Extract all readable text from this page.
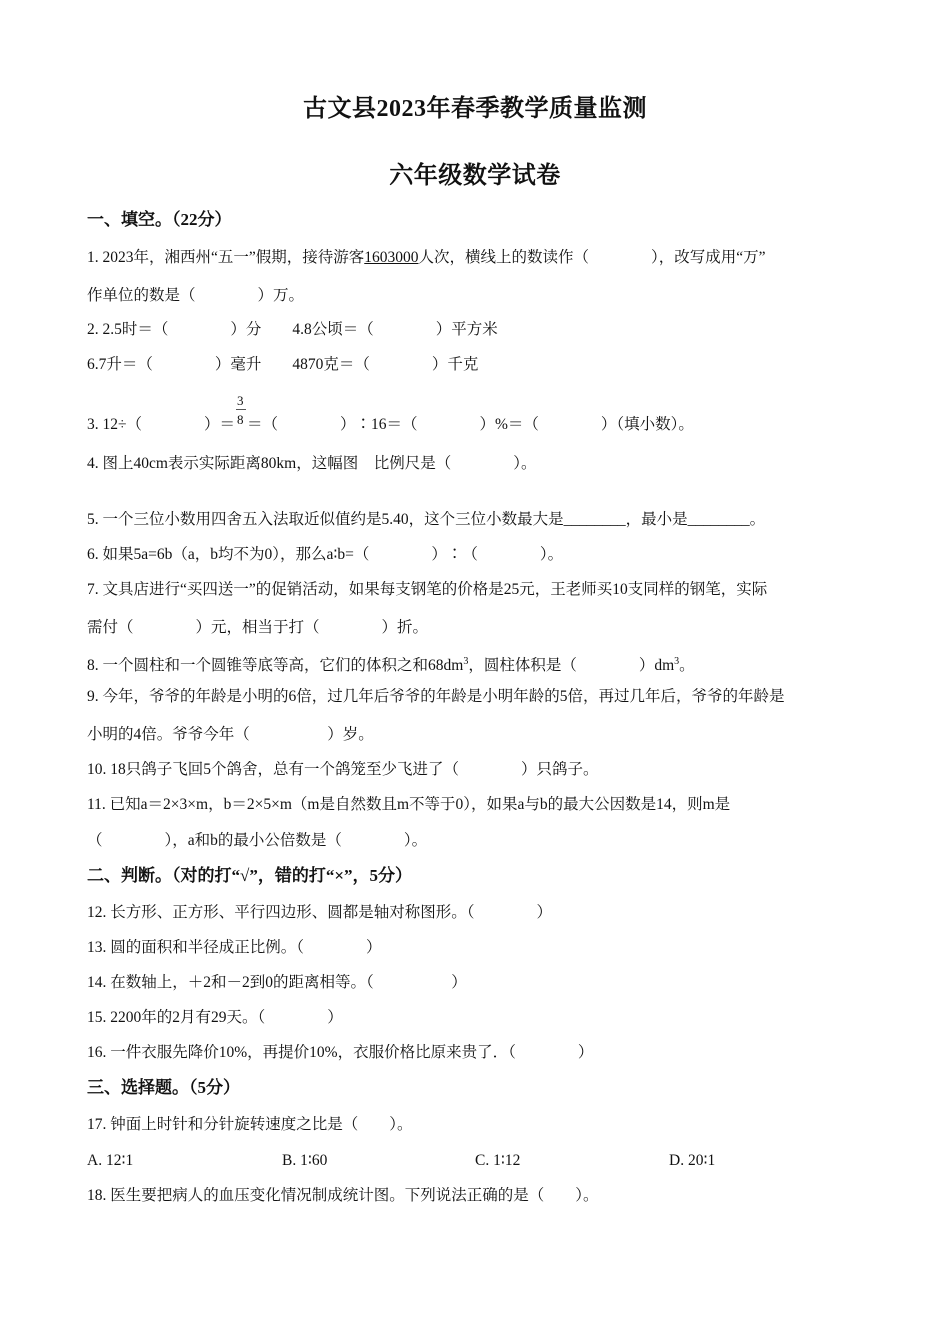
古文县2023年春季教学质量监测
六年级数学试卷
一、填空。（22分）
1. 2023年，湘西州“五一”假期，接待游客1603000人次，横线上的数读作（　　　　），改写成用“万”
作单位的数是（　　　　）万。
2. 2.5时＝（　　　　）分　　4.8公顷＝（　　　　）平方米
6.7升＝（　　　　）毫升　　4870克＝（　　　　）千克
3. 12÷（　　　　）＝ $\frac{3}{8}$ ＝（　　　　）∶16＝（　　　　）%＝（　　　　）（填小数）。
4. 图上40cm表示实际距离80km，这幅图　比例尺是（　　　　）。
5. 一个三位小数用四舍五入法取近似值约是5.40，这个三位小数最大是________，最小是________。
6. 如果5a=6b（a，b均不为0），那么a∶b=（　　　　）∶（　　　　）。
7. 文具店进行“买四送一”的促销活动，如果每支钢笔的价格是25元，王老师买10支同样的钢笔，实际
需付（　　　　）元，相当于打（　　　　）折。
8. 一个圆柱和一个圆锥等底等高，它们的体积之和$68dm^3$，圆柱体积是（　　　　）$dm^3$。
9. 今年，爷爷的年龄是小明的6倍，过几年后爷爷的年龄是小明年龄的5倍，再过几年后，爷爷的年龄是
小明的4倍。爷爷今年（　　　　　）岁。
10. 18只鸽子飞回5个鸽舍，总有一个鸽笼至少飞进了（　　　　）只鸽子。
11. 已知a＝2×3×m，b＝2×5×m（m是自然数且m不等于0），如果a与b的最大公因数是14，则m是
（　　　　），a和b的最小公倍数是（　　　　）。
二、判断。（对的打“√”，错的打“×”，5分）
12. 长方形、正方形、平行四边形、圆都是轴对称图形。（　　　　）
13. 圆的面积和半径成正比例。（　　　　）
14. 在数轴上，＋2和－2到0的距离相等。（　　　　　）
15. 2200年的2月有29天。（　　　　）
16. 一件衣服先降价10%，再提价10%，衣服价格比原来贵了．（　　　　）
三、选择题。（5分）
17. 钟面上时针和分针旋转速度之比是（　　）。
A. 12∶1	B. 1∶60	C. 1∶12	D. 20∶1
18. 医生要把病人的血压变化情况制成统计图。下列说法正确的是（　　）。
